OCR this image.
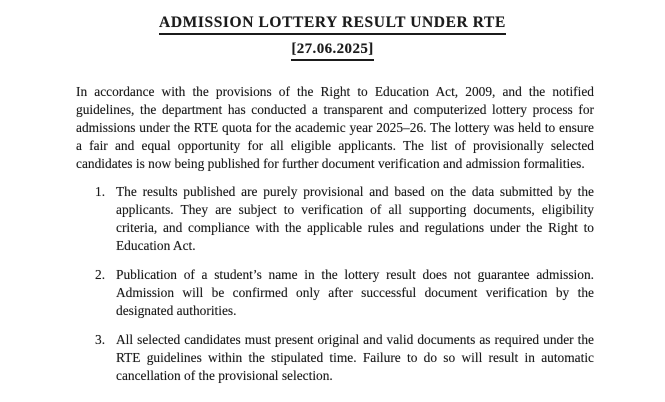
ADMISSION LOTTERY RESULT UNDER RTE
[27.06.2025]

In accordance with the provisions of the Right to Education Act, 2009, and the notified guidelines, the department has conducted a transparent and computerized lottery process for admissions under the RTE quota for the academic year 2025–26. The lottery was held to ensure a fair and equal opportunity for all eligible applicants. The list of provisionally selected candidates is now being published for further document verification and admission formalities.

1. The results published are purely provisional and based on the data submitted by the applicants. They are subject to verification of all supporting documents, eligibility criteria, and compliance with the applicable rules and regulations under the Right to Education Act.
2. Publication of a student’s name in the lottery result does not guarantee admission. Admission will be confirmed only after successful document verification by the designated authorities.
3. All selected candidates must present original and valid documents as required under the RTE guidelines within the stipulated time. Failure to do so will result in automatic cancellation of the provisional selection.
